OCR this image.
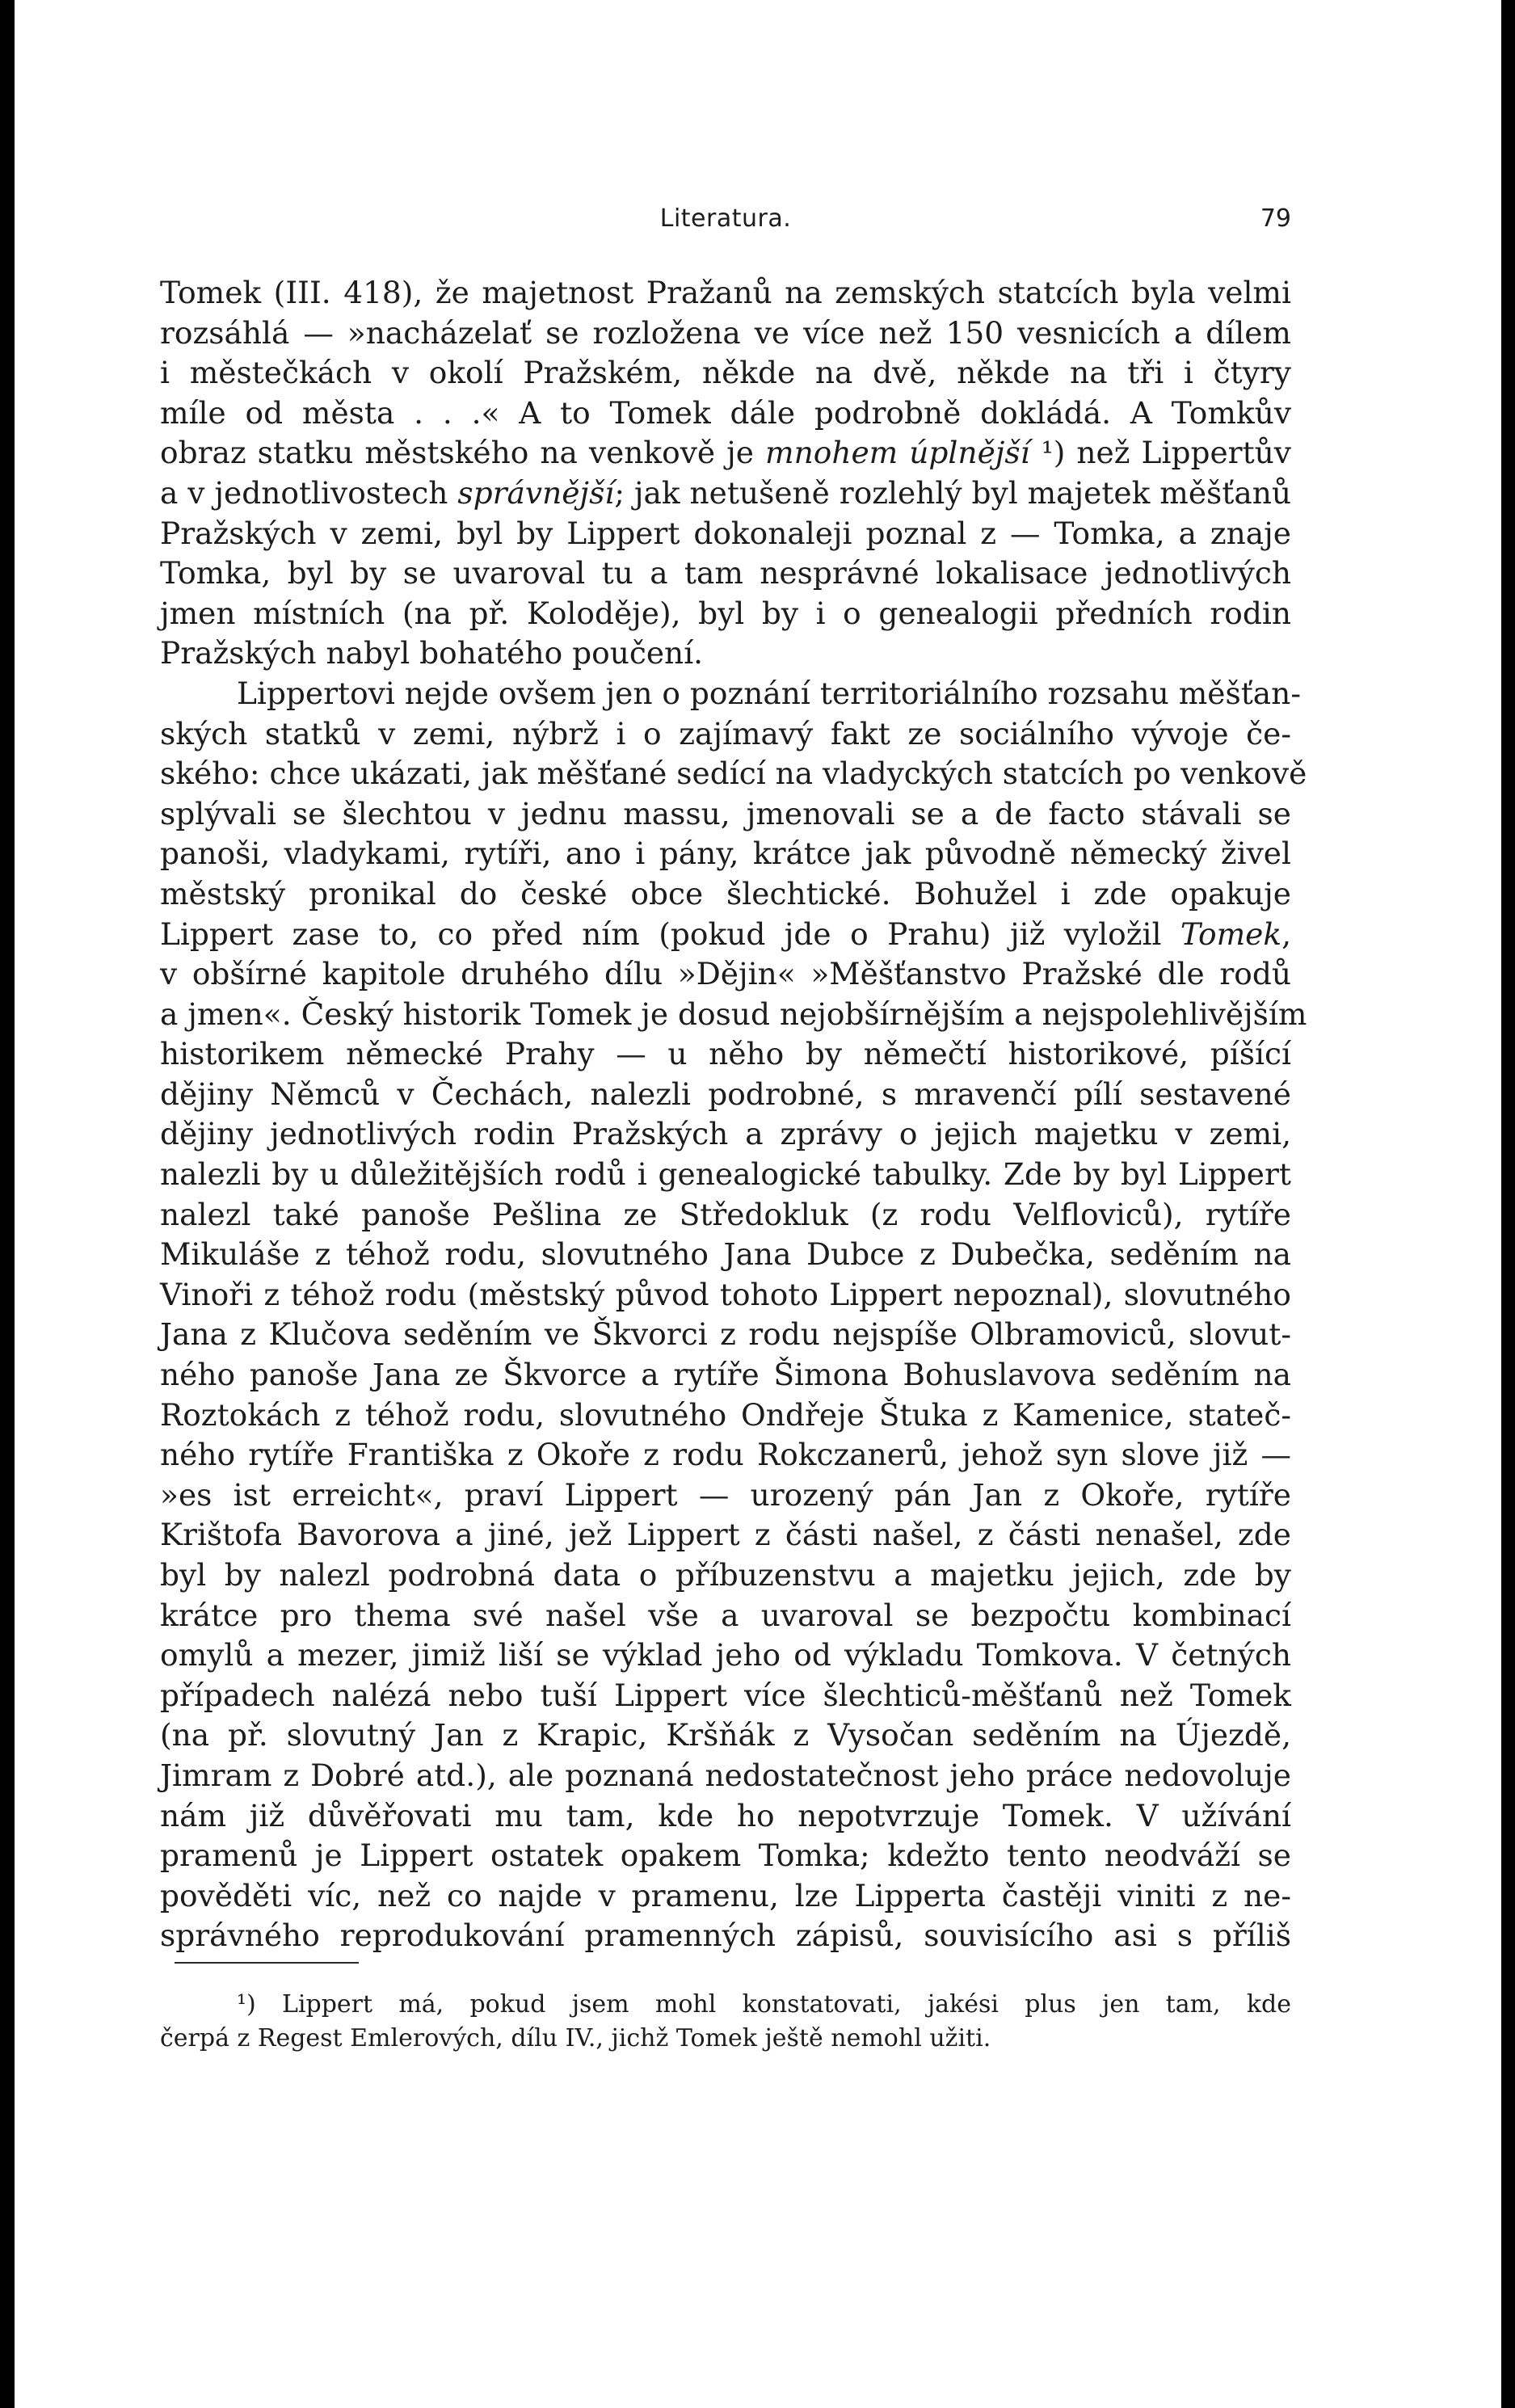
Literatura.	79
Tomek (III. 418), že majetnost Pražanů na zemských statcích byla velmi
rozsáhlá — »nacházelať se rozložena ve více než 150 vesnicích a dílem
i městečkách v okolí Pražském, někde na dvě, někde na tři i čtyry
míle od města . . .« A to Tomek dále podrobně dokládá. A Tomkův
obraz statku městského na venkově je mnohem úplnější ¹) než Lippertův
a v jednotlivostech správnější; jak netušeně rozlehlý byl majetek měšťanů
Pražských v zemi, byl by Lippert dokonaleji poznal z — Tomka, a znaje
Tomka, byl by se uvaroval tu a tam nesprávné lokalisace jednotlivých
jmen místních (na př. Koloděje), byl by i o genealogii předních rodin
Pražských nabyl bohatého poučení.
Lippertovi nejde ovšem jen o poznání territoriálního rozsahu měšťan-
ských statků v zemi, nýbrž i o zajímavý fakt ze sociálního vývoje če-
ského: chce ukázati, jak měšťané sedící na vladyckých statcích po venkově
splývali se šlechtou v jednu massu, jmenovali se a de facto stávali se
panoši, vladykami, rytíři, ano i pány, krátce jak původně německý živel
městský pronikal do české obce šlechtické. Bohužel i zde opakuje
Lippert zase to, co před ním (pokud jde o Prahu) již vyložil Tomek,
v obšírné kapitole druhého dílu »Dějin« »Měšťanstvo Pražské dle rodů
a jmen«. Český historik Tomek je dosud nejobšírnějším a nejspolehlivějším
historikem německé Prahy — u něho by němečtí historikové, píšící
dějiny Němců v Čechách, nalezli podrobné, s mravenčí pílí sestavené
dějiny jednotlivých rodin Pražských a zprávy o jejich majetku v zemi,
nalezli by u důležitějších rodů i genealogické tabulky. Zde by byl Lippert
nalezl také panoše Pešlina ze Středokluk (z rodu Velfloviců), rytíře
Mikuláše z téhož rodu, slovutného Jana Dubce z Dubečka, seděním na
Vinoři z téhož rodu (městský původ tohoto Lippert nepoznal), slovutného
Jana z Klučova seděním ve Škvorci z rodu nejspíše Olbramoviců, slovut-
ného panoše Jana ze Škvorce a rytíře Šimona Bohuslavova seděním na
Roztokách z téhož rodu, slovutného Ondřeje Štuka z Kamenice, stateč-
ného rytíře Františka z Okoře z rodu Rokczanerů, jehož syn slove již —
»es ist erreicht«, praví Lippert — urozený pán Jan z Okoře, rytíře
Krištofa Bavorova a jiné, jež Lippert z části našel, z části nenašel, zde
byl by nalezl podrobná data o příbuzenstvu a majetku jejich, zde by
krátce pro thema své našel vše a uvaroval se bezpočtu kombinací
omylů a mezer, jimiž liší se výklad jeho od výkladu Tomkova. V četných
případech nalézá nebo tuší Lippert více šlechticů-měšťanů než Tomek
(na př. slovutný Jan z Krapic, Kršňák z Vysočan seděním na Újezdě,
Jimram z Dobré atd.), ale poznaná nedostatečnost jeho práce nedovoluje
nám již důvěřovati mu tam, kde ho nepotvrzuje Tomek. V užívání
pramenů je Lippert ostatek opakem Tomka; kdežto tento neodváží se
pověděti víc, než co najde v pramenu, lze Lipperta častěji viniti z ne-
správného reprodukování pramenných zápisů, souvisícího asi s příliš
¹) Lippert má, pokud jsem mohl konstatovati, jakési plus jen tam, kde
čerpá z Regest Emlerových, dílu IV., jichž Tomek ještě nemohl užiti.
